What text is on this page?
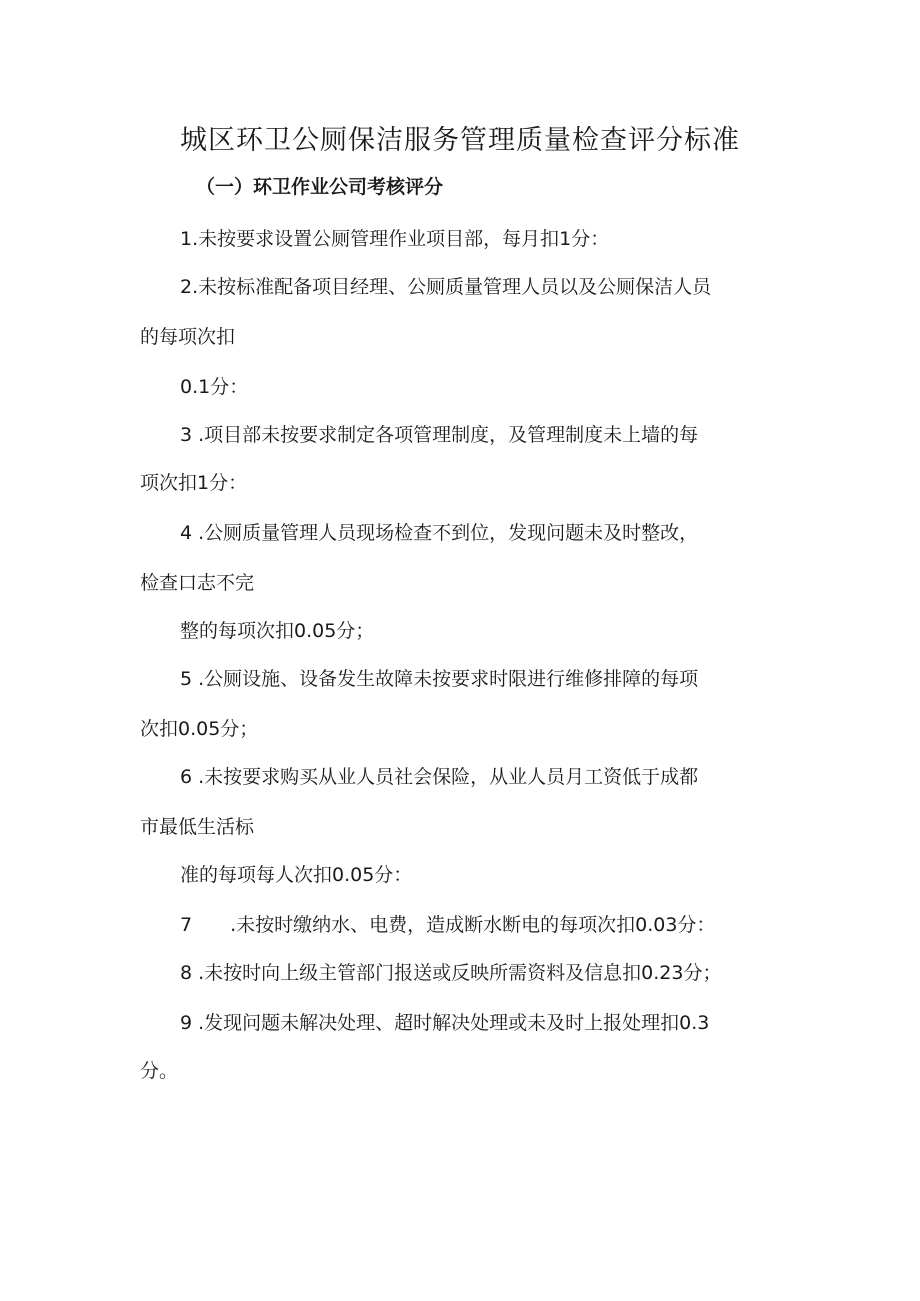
城区环卫公厕保洁服务管理质量检查评分标准
（一）环卫作业公司考核评分
1.未按要求设置公厕管理作业项目部，每月扣1分：
2.未按标准配备项目经理、公厕质量管理人员以及公厕保洁人员
的每项次扣
0.1分：
3 .项目部未按要求制定各项管理制度，及管理制度未上墙的每
项次扣1分：
4 .公厕质量管理人员现场检查不到位，发现问题未及时整改，
检查口志不完
整的每项次扣0.05分；
5 .公厕设施、设备发生故障未按要求时限进行维修排障的每项
次扣0.05分；
6 .未按要求购买从业人员社会保险，从业人员月工资低于成都
市最低生活标
准的每项每人次扣0.05分：
7　　.未按时缴纳水、电费，造成断水断电的每项次扣0.03分：
8 .未按时向上级主管部门报送或反映所需资料及信息扣0.23分；
9 .发现问题未解决处理、超时解决处理或未及时上报处理扣0.3
分。
